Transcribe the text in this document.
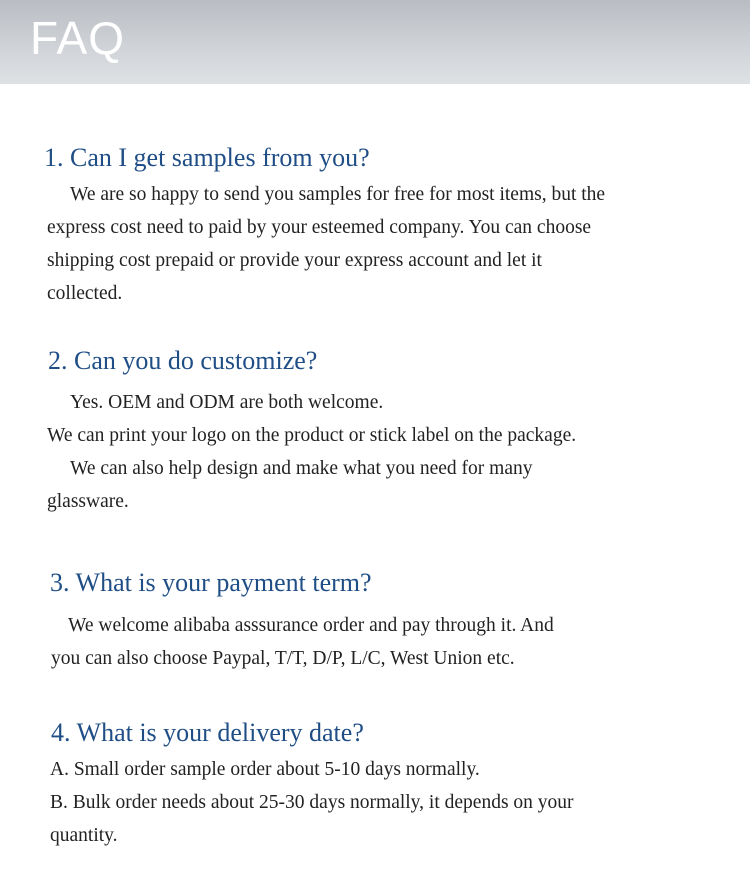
FAQ
1. Can I get samples from you?
We are so happy to send you samples for free for most items, but the
express cost need to paid by your esteemed company. You can choose
shipping cost prepaid or provide your express account and let it
collected.
2. Can you do customize?
Yes. OEM and ODM are both welcome.
We can print your logo on the product or stick label on the package.
We can also help design and make what you need for many
glassware.
3. What is your payment term?
We welcome alibaba asssurance order and pay through it. And
you can also choose Paypal, T/T, D/P, L/C, West Union etc.
4. What is your delivery date?
A. Small order sample order about 5-10 days normally.
B. Bulk order needs about 25-30 days normally, it depends on your
quantity.
